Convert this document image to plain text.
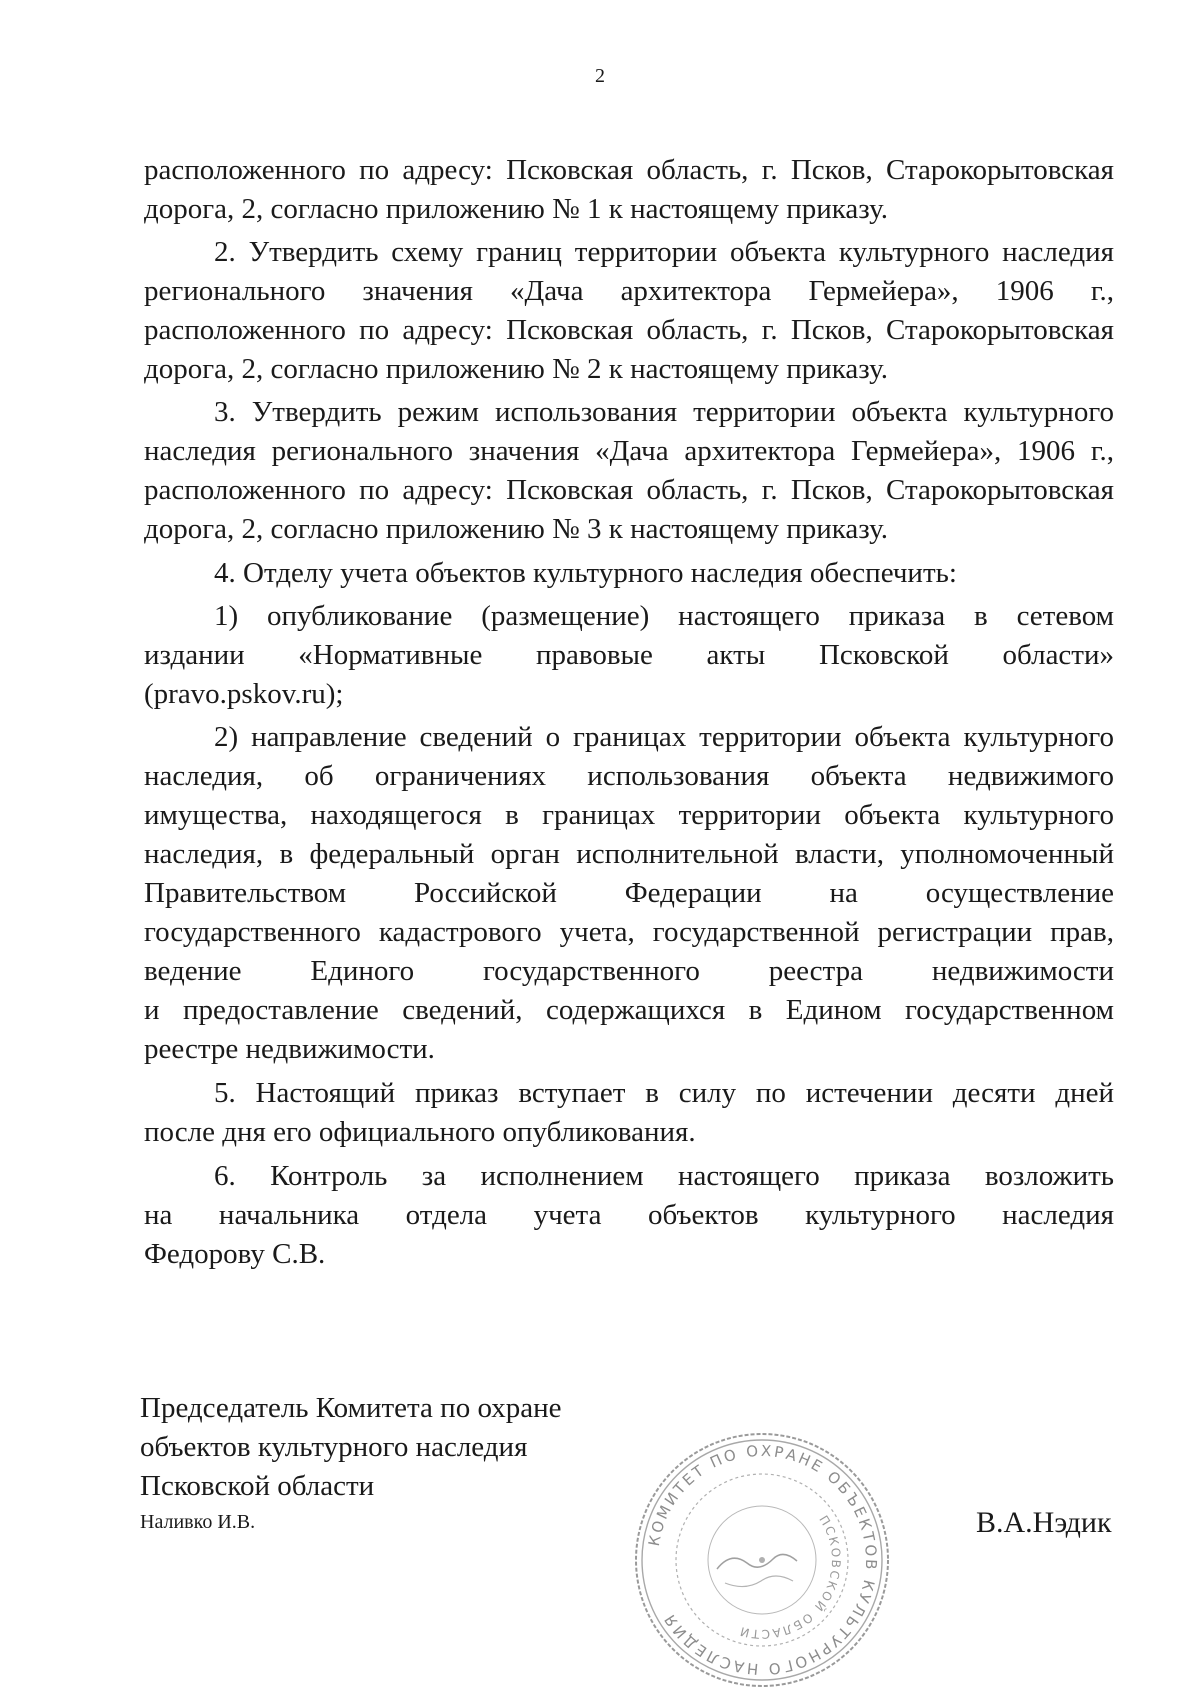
2
расположенного по адресу: Псковская область, г. Псков, Старокорытовская
дорога, 2, согласно приложению № 1 к настоящему приказу.
2. Утвердить схему границ территории объекта культурного наследия
регионального значения «Дача архитектора Гермейера», 1906 г.,
расположенного по адресу: Псковская область, г. Псков, Старокорытовская
дорога, 2, согласно приложению № 2 к настоящему приказу.
3. Утвердить режим использования территории объекта культурного
наследия регионального значения «Дача архитектора Гермейера», 1906 г.,
расположенного по адресу: Псковская область, г. Псков, Старокорытовская
дорога, 2, согласно приложению № 3 к настоящему приказу.
4. Отделу учета объектов культурного наследия обеспечить:
1) опубликование (размещение) настоящего приказа в сетевом
издании «Нормативные правовые акты Псковской области»
(pravo.pskov.ru);
2) направление сведений о границах территории объекта культурного
наследия, об ограничениях использования объекта недвижимого
имущества, находящегося в границах территории объекта культурного
наследия, в федеральный орган исполнительной власти, уполномоченный
Правительством Российской Федерации на осуществление
государственного кадастрового учета, государственной регистрации прав,
ведение Единого государственного реестра недвижимости
и предоставление сведений, содержащихся в Едином государственном
реестре недвижимости.
5. Настоящий приказ вступает в силу по истечении десяти дней
после дня его официального опубликования.
6. Контроль за исполнением настоящего приказа возложить
на начальника отдела учета объектов культурного наследия
Федорову С.В.
Председатель Комитета по охране
объектов культурного наследия
Псковской области
Наливко И.В.	В.А.Нэдик
КОМИТЕТ ПО ОХРАНЕ ОБЪЕКТОВ КУЛЬТУРНОГО НАСЛЕДИЯ
ПСКОВСКОЙ ОБЛАСТИ
